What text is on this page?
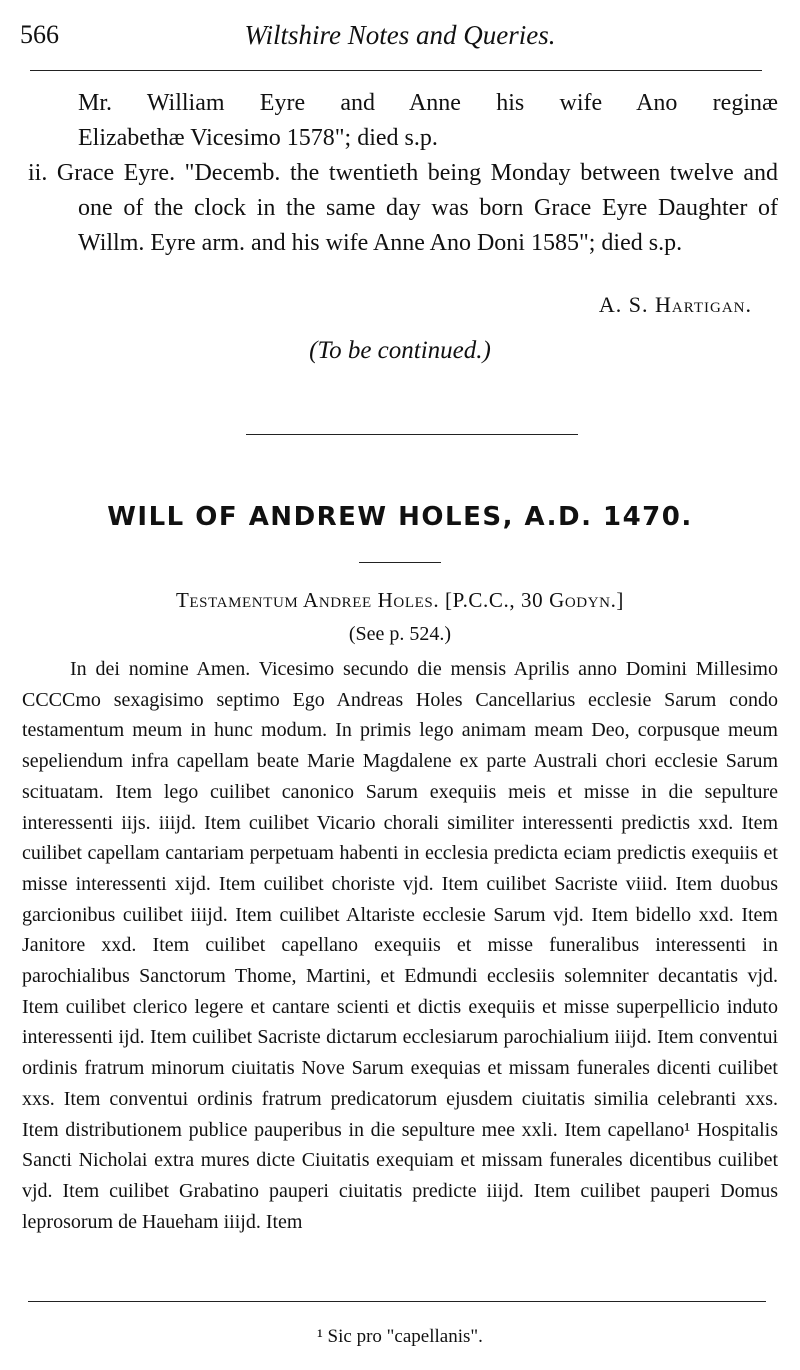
566	Wiltshire Notes and Queries.

Mr. William Eyre and Anne his wife Ano reginæ

Elizabethæ Vicesimo 1578"; died s.p.

ii. Grace Eyre. "Decemb. the twentieth being Monday between twelve and one of the clock in the same day was born Grace Eyre Daughter of Willm. Eyre arm. and his wife Anne Ano Doni 1585"; died s.p.

A. S. Hartigan.
(To be continued.)
WILL OF ANDREW HOLES, A.D. 1470.
Testamentum Andree Holes. [P.C.C., 30 Godyn.]
(See p. 524.)

In dei nomine Amen. Vicesimo secundo die mensis Aprilis anno Domini Millesimo CCCCmo sexagisimo septimo Ego Andreas Holes Cancellarius ecclesie Sarum condo testamentum meum in hunc modum. In primis lego animam meam Deo, corpusque meum sepeliendum infra capellam beate Marie Magdalene ex parte Australi chori ecclesie Sarum scituatam. Item lego cuilibet canonico Sarum exequiis meis et misse in die sepulture interessenti iijs. iiijd. Item cuilibet Vicario chorali similiter interessenti predictis xxd. Item cuilibet capellam cantariam perpetuam habenti in ecclesia predicta eciam predictis exequiis et misse interessenti xijd. Item cuilibet choriste vjd. Item cuilibet Sacriste viiid. Item duobus garcionibus cuilibet iiijd. Item cuilibet Altariste ecclesie Sarum vjd. Item bidello xxd. Item Janitore xxd. Item cuilibet capellano exequiis et misse funeralibus interessenti in parochialibus Sanctorum Thome, Martini, et Edmundi ecclesiis solemniter decantatis vjd. Item cuilibet clerico legere et cantare scienti et dictis exequiis et misse superpellicio induto interessenti ijd. Item cuilibet Sacriste dictarum ecclesiarum parochialium iiijd. Item conventui ordinis fratrum minorum ciuitatis Nove Sarum exequias et missam funerales dicenti cuilibet xxs. Item conventui ordinis fratrum predicatorum ejusdem ciuitatis similia celebranti xxs. Item distributionem publice pauperibus in die sepulture mee xxli. Item capellano¹ Hospitalis Sancti Nicholai extra mures dicte Ciuitatis exequiam et missam funerales dicentibus cuilibet vjd. Item cuilibet Grabatino pauperi ciuitatis predicte iiijd. Item cuilibet pauperi Domus leprosorum de Haueham iiijd. Item

¹ Sic pro "capellanis".
